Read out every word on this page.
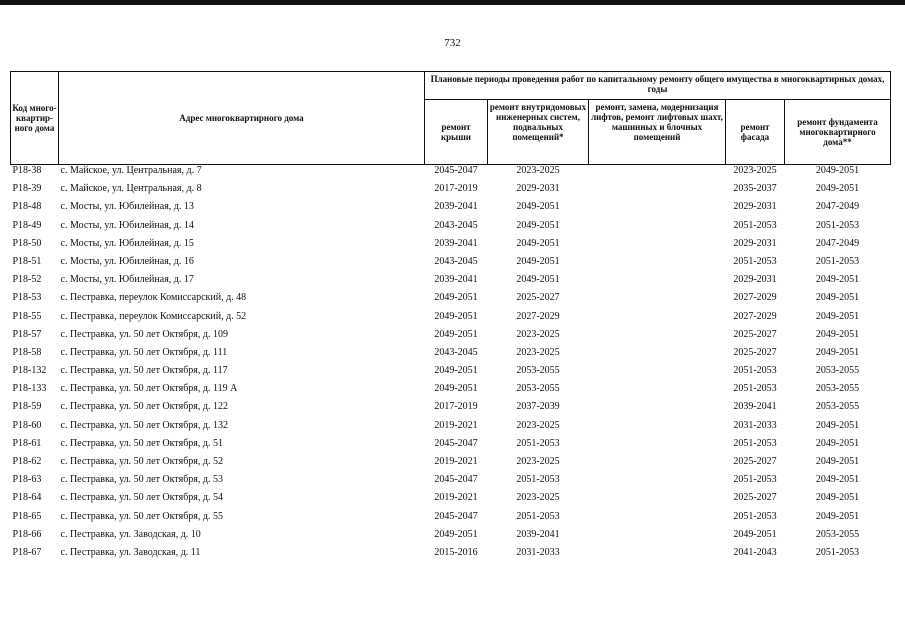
732
Код много-квартир-ного дома	Адрес многоквартирного дома	Плановые периоды проведения работ по капитальному ремонту общего имущества в многоквартирных домах, годы				
		ремонт крыши	ремонт внутридомовых инженерных систем, подвальных помещений*	ремонт, замена, модернизация лифтов, ремонт лифтовых шахт, машинных и блочных помещений	ремонт фасада	ремонт фундамента многоквартирного дома**
P18-38	с. Майское, ул. Центральная, д. 7	2045-2047	2023-2025		2023-2025	2049-2051
P18-39	с. Майское, ул. Центральная, д. 8	2017-2019	2029-2031		2035-2037	2049-2051
P18-48	с. Мосты, ул. Юбилейная, д. 13	2039-2041	2049-2051		2029-2031	2047-2049
P18-49	с. Мосты, ул. Юбилейная, д. 14	2043-2045	2049-2051		2051-2053	2051-2053
P18-50	с. Мосты, ул. Юбилейная, д. 15	2039-2041	2049-2051		2029-2031	2047-2049
P18-51	с. Мосты, ул. Юбилейная, д. 16	2043-2045	2049-2051		2051-2053	2051-2053
P18-52	с. Мосты, ул. Юбилейная, д. 17	2039-2041	2049-2051		2029-2031	2049-2051
P18-53	с. Пестравка, переулок Комиссарский, д. 48	2049-2051	2025-2027		2027-2029	2049-2051
P18-55	с. Пестравка, переулок Комиссарский, д. 52	2049-2051	2027-2029		2027-2029	2049-2051
P18-57	с. Пестравка, ул. 50 лет Октября, д. 109	2049-2051	2023-2025		2025-2027	2049-2051
P18-58	с. Пестравка, ул. 50 лет Октября, д. 111	2043-2045	2023-2025		2025-2027	2049-2051
P18-132	с. Пестравка, ул. 50 лет Октября, д. 117	2049-2051	2053-2055		2051-2053	2053-2055
P18-133	с. Пестравка, ул. 50 лет Октября, д. 119 А	2049-2051	2053-2055		2051-2053	2053-2055
P18-59	с. Пестравка, ул. 50 лет Октября, д. 122	2017-2019	2037-2039		2039-2041	2053-2055
P18-60	с. Пестравка, ул. 50 лет Октября, д. 132	2019-2021	2023-2025		2031-2033	2049-2051
P18-61	с. Пестравка, ул. 50 лет Октября, д. 51	2045-2047	2051-2053		2051-2053	2049-2051
P18-62	с. Пестравка, ул. 50 лет Октября, д. 52	2019-2021	2023-2025		2025-2027	2049-2051
P18-63	с. Пестравка, ул. 50 лет Октября, д. 53	2045-2047	2051-2053		2051-2053	2049-2051
P18-64	с. Пестравка, ул. 50 лет Октября, д. 54	2019-2021	2023-2025		2025-2027	2049-2051
P18-65	с. Пестравка, ул. 50 лет Октября, д. 55	2045-2047	2051-2053		2051-2053	2049-2051
P18-66	с. Пестравка, ул. Заводская, д. 10	2049-2051	2039-2041		2049-2051	2053-2055
P18-67	с. Пестравка, ул. Заводская, д. 11	2015-2016	2031-2033		2041-2043	2051-2053
